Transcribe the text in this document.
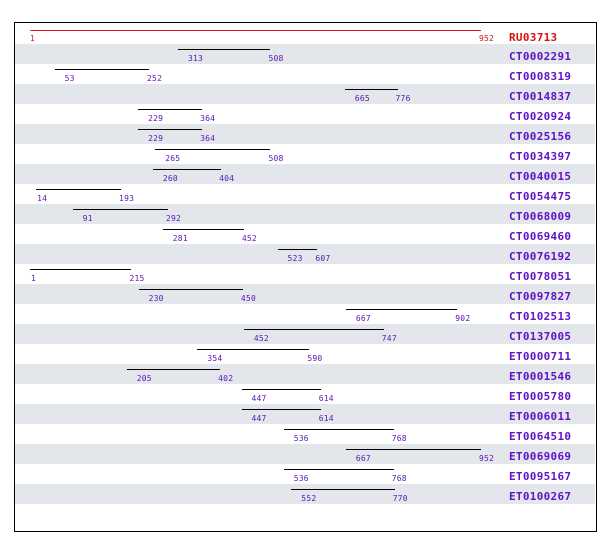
1	952 RU03713
313	508	CT0002291
53	252	CT0008319
665	776	CT0014837
229	364	CT0020924
229	364	CT0025156
265	508	CT0034397
260	404	CT0040015
14	193	CT0054475
91	292	CT0068009
281	452	CT0069460
523 607	CT0076192
1	215	CT0078051
230	450	CT0097827
667	902	CT0102513
452	747	CT0137005
354	590	ET0000711
205	402	ET0001546
447	614	ET0005780
447	614	ET0006011
536	768	ET0064510
667	952 ET0069069
536	768	ET0095167
552	770	ET0100267
